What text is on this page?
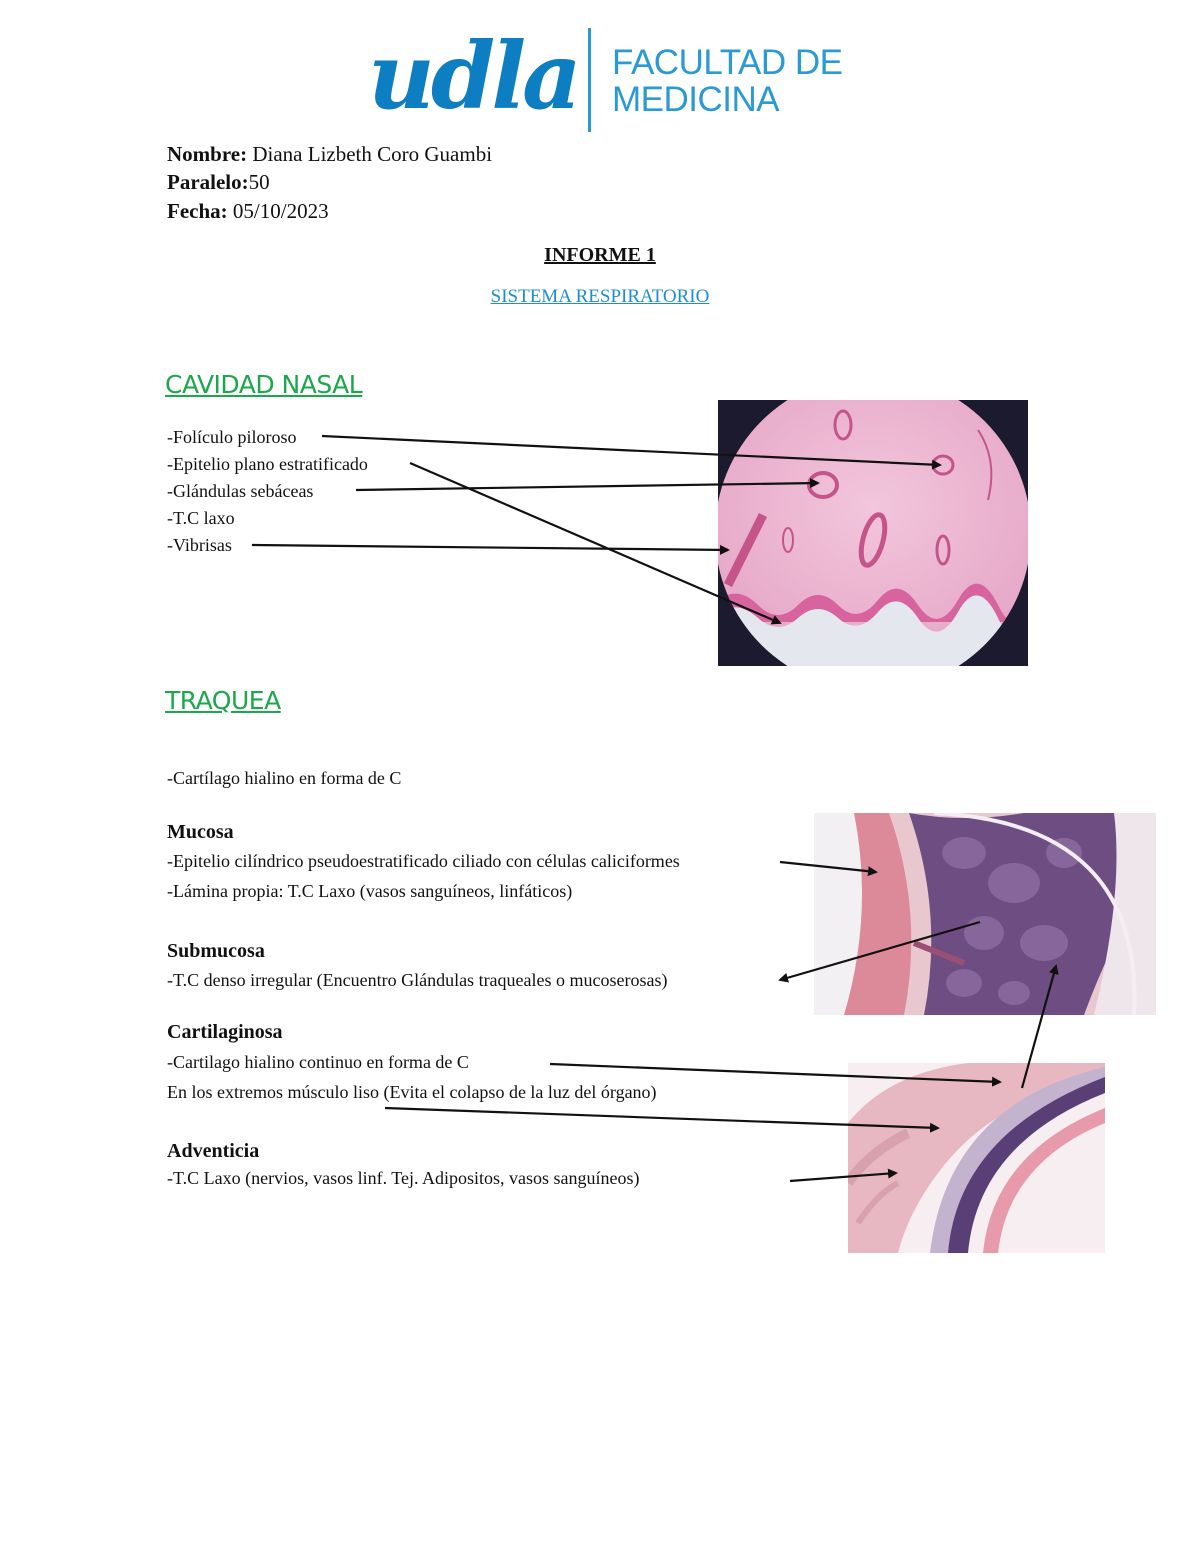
udla FACULTAD DE
MEDICINA
Nombre: Diana Lizbeth Coro Guambi
Paralelo:50
Fecha: 05/10/2023
INFORME 1
SISTEMA RESPIRATORIO
CAVIDAD NASAL
-Folículo piloroso
-Epitelio plano estratificado
-Glándulas sebáceas
-T.C laxo
-Vibrisas
TRAQUEA
-Cartílago hialino en forma de C
Mucosa
-Epitelio cilíndrico pseudoestratificado ciliado con células caliciformes
-Lámina propia: T.C Laxo (vasos sanguíneos, linfáticos)
Submucosa
-T.C denso irregular (Encuentro Glándulas traqueales o mucoserosas)
Cartilaginosa
-Cartilago hialino continuo en forma de C
En los extremos músculo liso (Evita el colapso de la luz del órgano)
Adventicia
-T.C Laxo (nervios, vasos linf. Tej. Adipositos, vasos sanguíneos)
